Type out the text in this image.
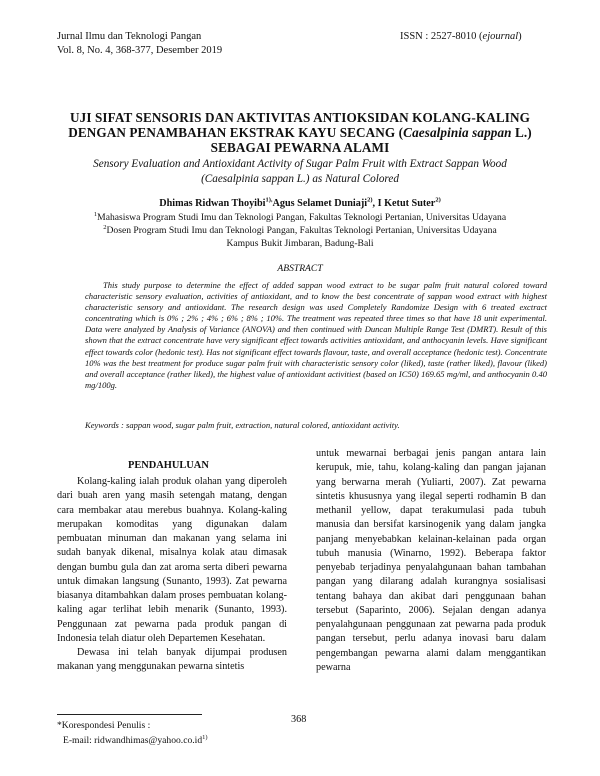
Jurnal Ilmu dan Teknologi Pangan
Vol. 8, No. 4, 368-377, Desember 2019
ISSN : 2527-8010 (ejournal)
UJI SIFAT SENSORIS DAN AKTIVITAS ANTIOKSIDAN KOLANG-KALING
DENGAN PENAMBAHAN EKSTRAK KAYU SECANG (Caesalpinia sappan L.)
SEBAGAI PEWARNA ALAMI
Sensory Evaluation and Antioxidant Activity of Sugar Palm Fruit with Extract Sappan Wood
(Caesalpinia sappan L.) as Natural Colored
Dhimas Ridwan Thoyibi$^{1),}$Agus Selamet Duniaji$^{2)}$, I Ketut Suter$^{2)}$
$^1$Mahasiswa Program Studi Imu dan Teknologi Pangan, Fakultas Teknologi Pertanian, Universitas Udayana
$^2$Dosen Program Studi Imu dan Teknologi Pangan, Fakultas Teknologi Pertanian, Universitas Udayana
Kampus Bukit Jimbaran, Badung-Bali
ABSTRACT
This study purpose to determine the effect of added sappan wood extract to be sugar palm fruit natural colored toward characteristic sensory evaluation, activities of antioxidant, and to know the best concentrate of sappan wood extract with highest characteristic sensory and antioxidant. The research design was used Completely Randomize Design with 6 treated exctract concentrating which is 0% ; 2% ; 4% ; 6% ; 8% ; 10%. The treatment was repeated three times so that have 18 unit experimental. Data were analyzed by Analysis of Variance (ANOVA) and then continued with Duncan Multiple Range Test (DMRT). Result of this shown that the extract concentrate have very significant effect towards activities antioxidant, and anthocyanin levels. Have significant effect towards color (hedonic test). Has not significant effect towards flavour, taste, and overall acceptance (hedonic test). Concentrate 10% was the best treatment for produce sugar palm fruit with characteristic sensory color (liked), taste (rather liked), flavour (liked) and overall acceptance (rather liked), the highest value of antioxidant activitiest (based on IC50) 169.65 mg/ml, and anthocyanin 0.40 mg/100g.
Keywords : sappan wood, sugar palm fruit, extraction, natural colored, antioxidant activity.
PENDAHULUAN

Kolang-kaling ialah produk olahan yang diperoleh dari buah aren yang masih setengah matang, dengan cara membakar atau merebus buahnya. Kolang-kaling merupakan komoditas yang digunakan dalam pembuatan minuman dan makanan yang selama ini sudah banyak dikenal, misalnya kolak atau dimasak dengan bumbu gula dan zat aroma serta diberi pewarna untuk dimakan langsung (Sunanto, 1993). Zat pewarna biasanya ditambahkan dalam proses pembuatan kolang-kaling agar terlihat lebih menarik (Sunanto, 1993). Penggunaan zat pewarna pada produk pangan di Indonesia telah diatur oleh Departemen Kesehatan.

Dewasa ini telah banyak dijumpai produsen makanan yang menggunakan pewarna sintetis

untuk mewarnai berbagai jenis pangan antara lain kerupuk, mie, tahu, kolang-kaling dan pangan jajanan yang berwarna merah (Yuliarti, 2007). Zat pewarna sintetis khususnya yang ilegal seperti rodhamin B dan methanil yellow, dapat terakumulasi pada tubuh manusia dan bersifat karsinogenik yang dalam jangka panjang menyebabkan kelainan-kelainan pada organ tubuh manusia (Winarno, 1992). Beberapa faktor penyebab terjadinya penyalahgunaan bahan tambahan pangan yang dilarang adalah kurangnya sosialisasi tentang bahaya dan akibat dari penggunaan bahan tersebut (Saparinto, 2006). Sejalan dengan adanya penyalahgunaan penggunaan zat pewarna pada produk pangan tersebut, perlu adanya inovasi baru dalam pengembangan pewarna alami dalam menggantikan pewarna

*Korespondesi Penulis :
E-mail: $ridwandhimas@yahoo.co.id^{1)}$
368
